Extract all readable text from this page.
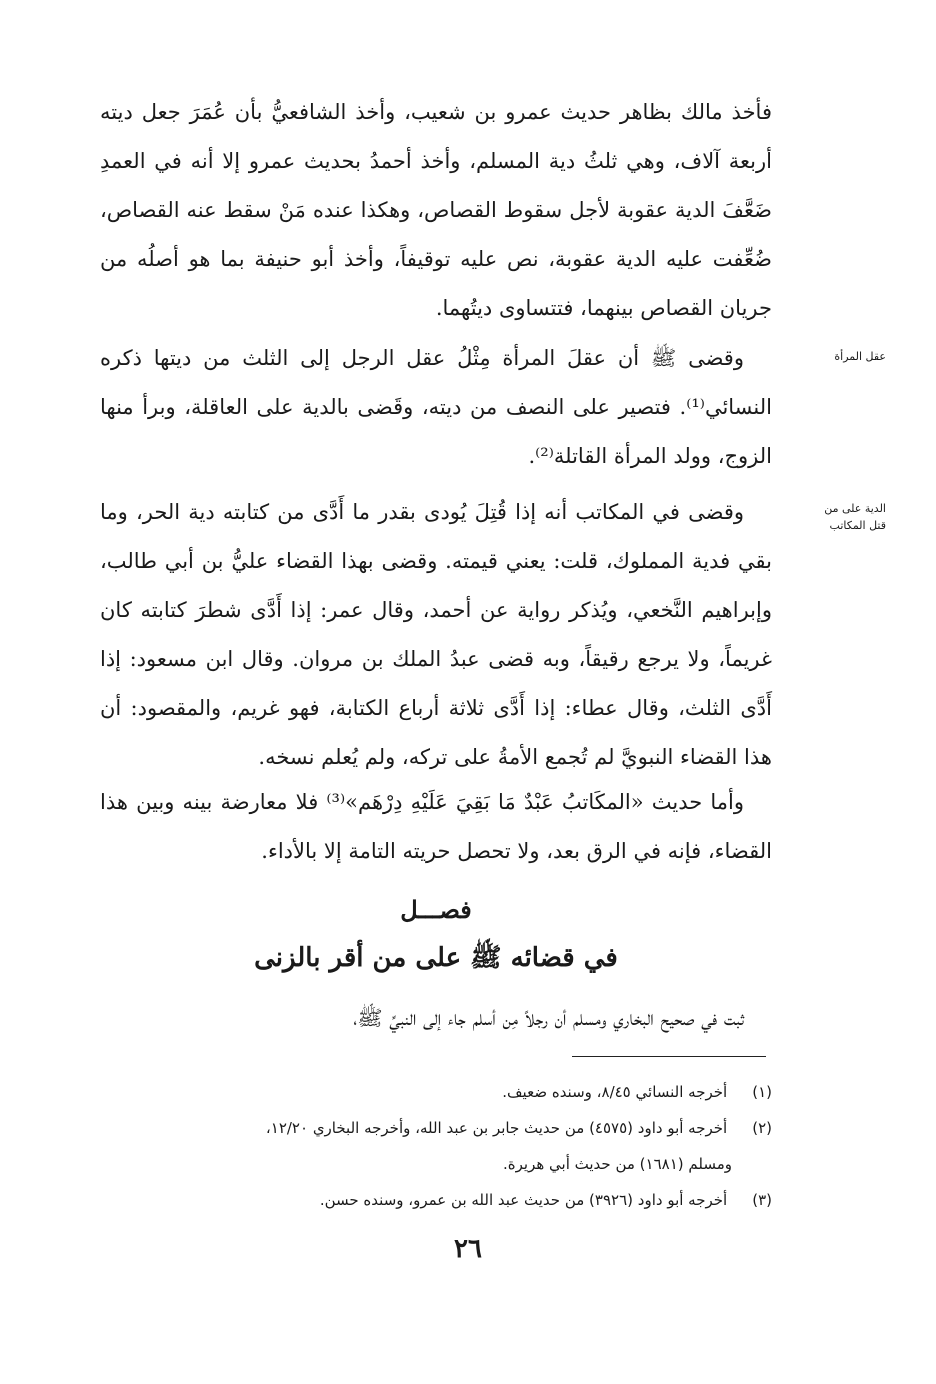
فأخذ مالك بظاهر حديث عمرو بن شعيب، وأخذ الشافعيُّ بأن عُمَرَ جعل ديته
أربعة آلاف، وهي ثلثُ دية المسلم، وأخذ أحمدُ بحديث عمرو إلا أنه في العمدِ
ضَعَّفَ الدية عقوبة لأجل سقوط القصاص، وهكذا عنده مَنْ سقط عنه القصاص،
ضُعِّفت عليه الدية عقوبة، نص عليه توقيفاً، وأخذ أبو حنيفة بما هو أصلُه من
جريان القصاص بينهما، فتتساوى ديتُهما.
عقل المرأة
وقضى ﷺ أن عقلَ المرأة مِثْلُ عقل الرجل إلى الثلث من ديتها ذكره
النسائي⁽¹⁾. فتصير على النصف من ديته، وقَضى بالدية على العاقلة، وبرأ منها
الزوج، وولد المرأة القاتلة⁽²⁾.
الدية على من قتل المكاتب
وقضى في المكاتب أنه إذا قُتِلَ يُودى بقدر ما أَدَّى من كتابته دية الحر، وما
بقي فدية المملوك، قلت: يعني قيمته. وقضى بهذا القضاء عليُّ بن أبي طالب،
وإبراهيم النَّخعي، ويُذكر رواية عن أحمد، وقال عمر: إذا أَدَّى شطرَ كتابته كان
غريماً، ولا يرجع رقيقاً، وبه قضى عبدُ الملك بن مروان. وقال ابن مسعود: إذا
أَدَّى الثلث، وقال عطاء: إذا أَدَّى ثلاثة أرباع الكتابة، فهو غريم، والمقصود: أن
هذا القضاء النبويَّ لم تُجمع الأمةُ على تركه، ولم يُعلم نسخه.
وأما حديث «المكَاتبُ عَبْدٌ مَا بَقِيَ عَلَيْهِ دِرْهَم»⁽³⁾ فلا معارضة بينه وبين هذا
القضاء، فإنه في الرق بعد، ولا تحصل حريته التامة إلا بالأداء.
فصـــل
في قضائه ﷺ على من أقر بالزنى
ثبت في صحيح البخاري ومسلم أن رجلاً مِن أسلم جاء إلى النبيِّ ﷺ،
(١) أخرجه النسائي ٨/٤٥، وسنده ضعيف.
(٢) أخرجه أبو داود (٤٥٧٥) من حديث جابر بن عبد الله، وأخرجه البخاري ١٢/٢٠،
ومسلم (١٦٨١) من حديث أبي هريرة.
(٣) أخرجه أبو داود (٣٩٢٦) من حديث عبد الله بن عمرو، وسنده حسن.
٢٦
